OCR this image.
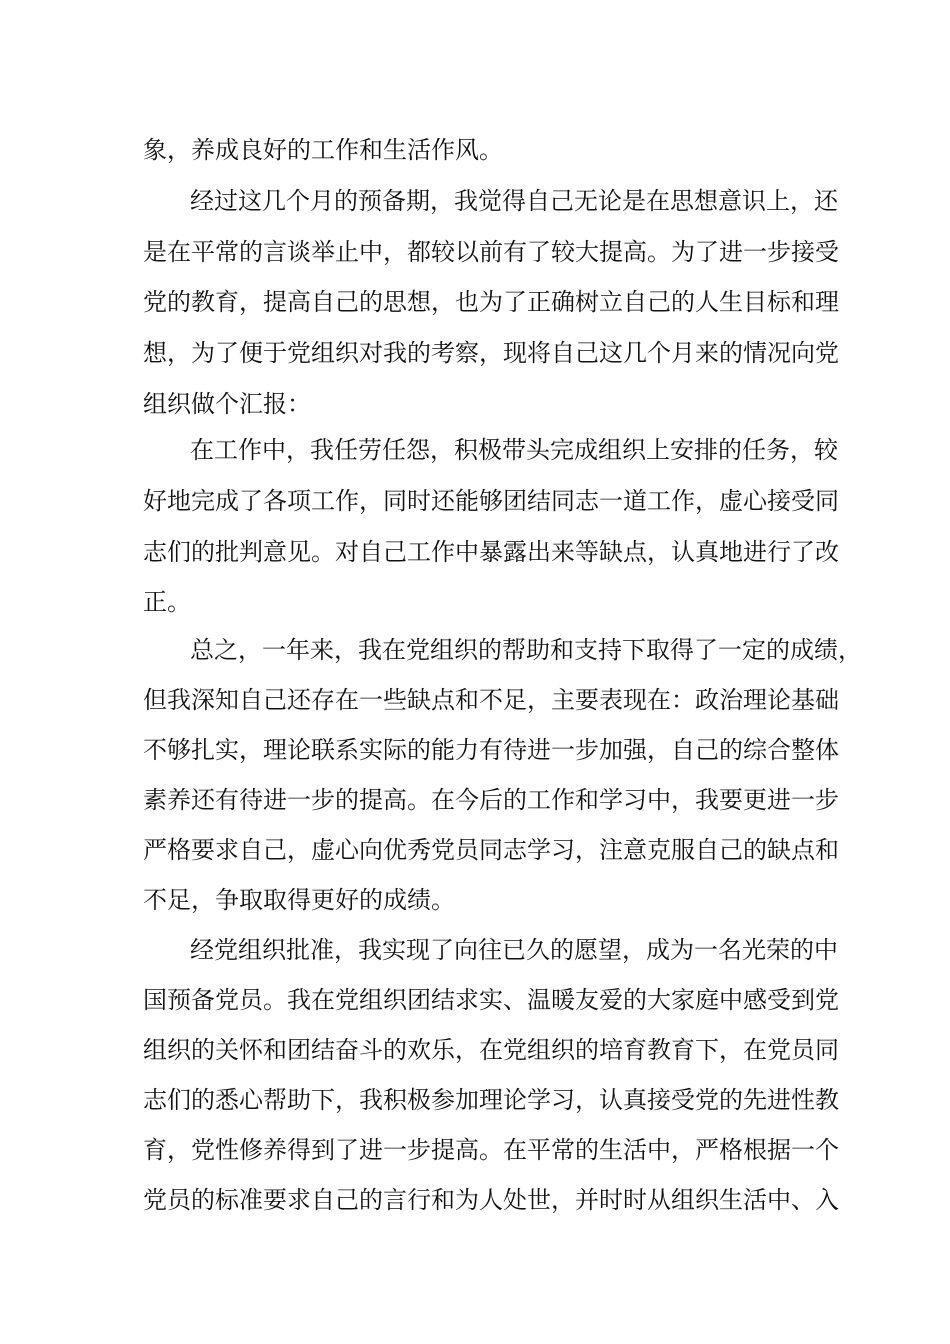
象，养成良好的工作和生活作风。
经过这几个月的预备期，我觉得自己无论是在思想意识上，还
是在平常的言谈举止中，都较以前有了较大提高。为了进一步接受
党的教育，提高自己的思想，也为了正确树立自己的人生目标和理
想，为了便于党组织对我的考察，现将自己这几个月来的情况向党
组织做个汇报：
在工作中，我任劳任怨，积极带头完成组织上安排的任务，较
好地完成了各项工作，同时还能够团结同志一道工作，虚心接受同
志们的批判意见。对自己工作中暴露出来等缺点，认真地进行了改
正。
总之，一年来，我在党组织的帮助和支持下取得了一定的成绩，
但我深知自己还存在一些缺点和不足，主要表现在：政治理论基础
不够扎实，理论联系实际的能力有待进一步加强，自己的综合整体
素养还有待进一步的提高。在今后的工作和学习中，我要更进一步
严格要求自己，虚心向优秀党员同志学习，注意克服自己的缺点和
不足，争取取得更好的成绩。
经党组织批准，我实现了向往已久的愿望，成为一名光荣的中
国预备党员。我在党组织团结求实、温暖友爱的大家庭中感受到党
组织的关怀和团结奋斗的欢乐，在党组织的培育教育下，在党员同
志们的悉心帮助下，我积极参加理论学习，认真接受党的先进性教
育，党性修养得到了进一步提高。在平常的生活中，严格根据一个
党员的标准要求自己的言行和为人处世，并时时从组织生活中、入
